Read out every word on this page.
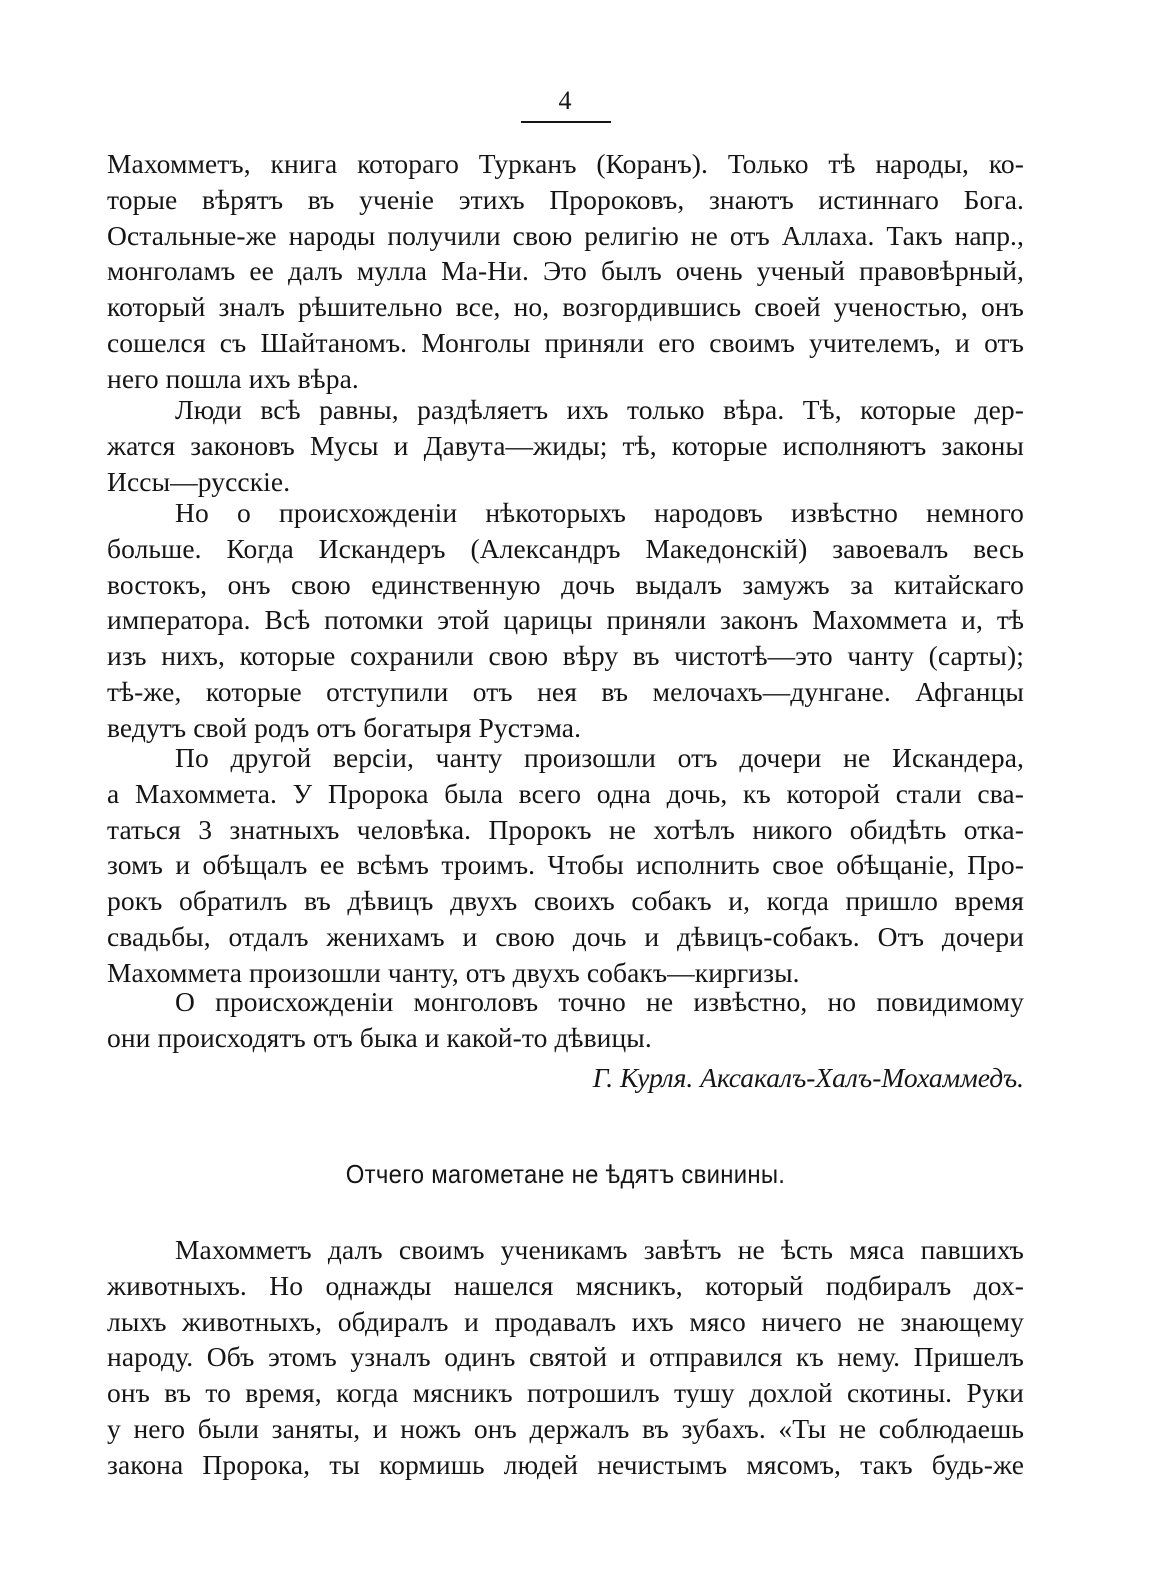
4
Махомметъ, книга котораго Турканъ (Коранъ). Только тѣ народы, ко-
торые вѣрятъ въ ученіе этихъ Пророковъ, знаютъ истиннаго Бога.
Остальные-же народы получили свою религію не отъ Аллаха. Такъ напр.,
монголамъ ее далъ мулла Ма-Ни. Это былъ очень ученый правовѣрный,
который зналъ рѣшительно все, но, возгордившись своей ученостью, онъ
сошелся съ Шайтаномъ. Монголы приняли его своимъ учителемъ, и отъ
него пошла ихъ вѣра.
Люди всѣ равны, раздѣляетъ ихъ только вѣра. Тѣ, которые дер-
жатся законовъ Мусы и Давута—жиды; тѣ, которые исполняютъ законы
Иссы—русскіе.
Но о происхожденіи нѣкоторыхъ народовъ извѣстно немного
больше. Когда Искандеръ (Александръ Македонскій) завоевалъ весь
востокъ, онъ свою единственную дочь выдалъ замужъ за китайскаго
императора. Всѣ потомки этой царицы приняли законъ Махоммета и, тѣ
изъ нихъ, которые сохранили свою вѣру въ чистотѣ—это чанту (сарты);
тѣ-же, которые отступили отъ нея въ мелочахъ—дунгане. Афганцы
ведутъ свой родъ отъ богатыря Рустэма.
По другой версіи, чанту произошли отъ дочери не Искандера,
а Махоммета. У Пророка была всего одна дочь, къ которой стали сва-
таться 3 знатныхъ человѣка. Пророкъ не хотѣлъ никого обидѣть отка-
зомъ и обѣщалъ ее всѣмъ троимъ. Чтобы исполнить свое обѣщаніе, Про-
рокъ обратилъ въ дѣвицъ двухъ своихъ собакъ и, когда пришло время
свадьбы, отдалъ женихамъ и свою дочь и дѣвицъ-собакъ. Отъ дочери
Махоммета произошли чанту, отъ двухъ собакъ—киргизы.
О происхожденіи монголовъ точно не извѣстно, но повидимому
они происходятъ отъ быка и какой-то дѣвицы.
Г. Курля. Аксакалъ-Халъ-Мохаммедъ.
Отчего магометане не ѣдятъ свинины.
Махомметъ далъ своимъ ученикамъ завѣтъ не ѣсть мяса павшихъ
животныхъ. Но однажды нашелся мясникъ, который подбиралъ дох-
лыхъ животныхъ, обдиралъ и продавалъ ихъ мясо ничего не знающему
народу. Объ этомъ узналъ одинъ святой и отправился къ нему. Пришелъ
онъ въ то время, когда мясникъ потрошилъ тушу дохлой скотины. Руки
у него были заняты, и ножъ онъ держалъ въ зубахъ. «Ты не соблюдаешь
закона Пророка, ты кормишь людей нечистымъ мясомъ, такъ будь-же
